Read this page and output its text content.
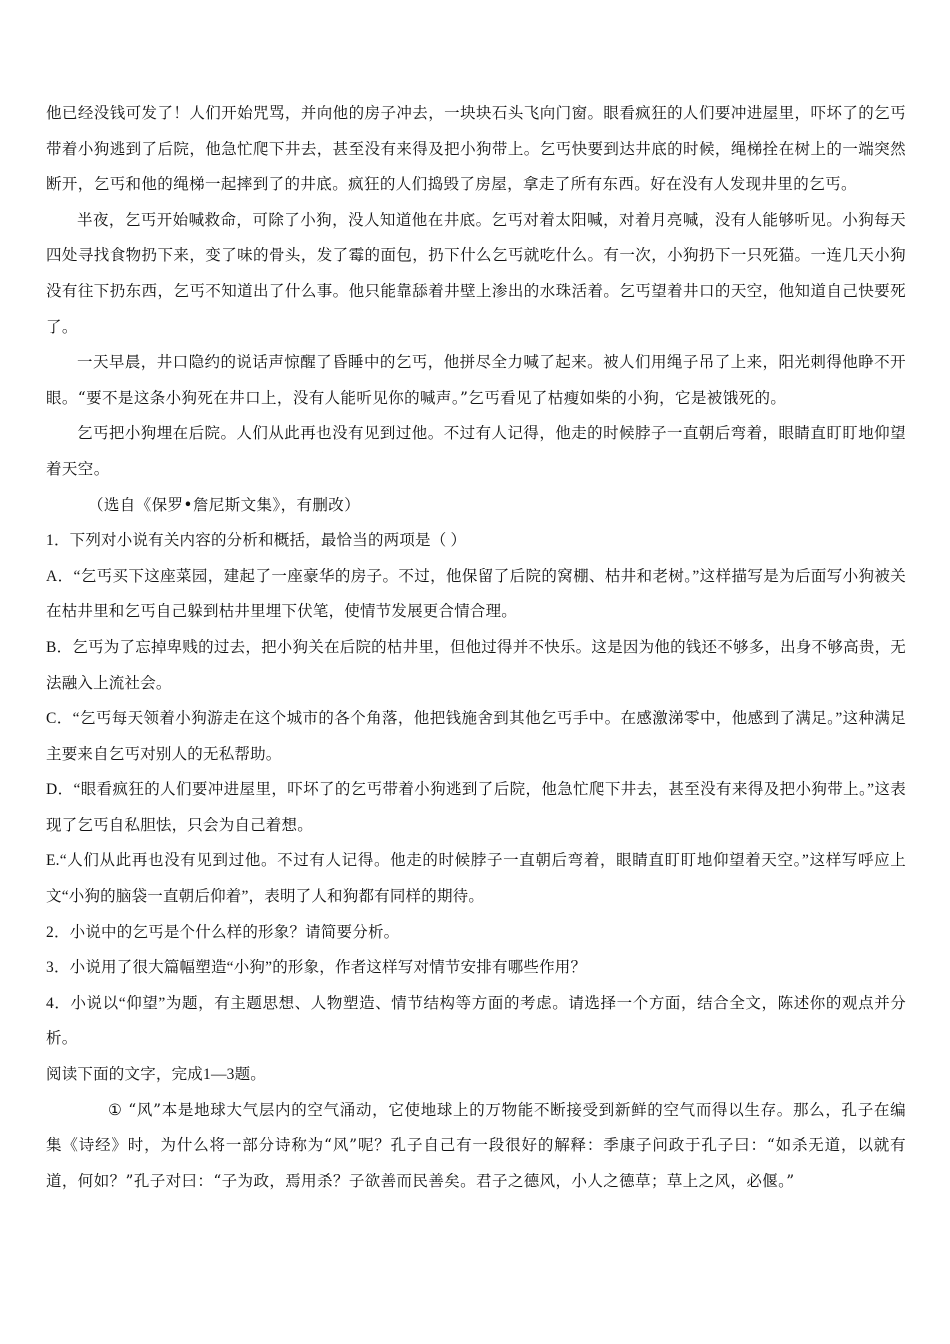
他已经没钱可发了！人们开始咒骂，并向他的房子冲去，一块块石头飞向门窗。眼看疯狂的人们要冲进屋里，吓坏了的乞丐带着小狗逃到了后院，他急忙爬下井去，甚至没有来得及把小狗带上。乞丐快要到达井底的时候，绳梯拴在树上的一端突然断开，乞丐和他的绳梯一起摔到了的井底。疯狂的人们捣毁了房屋，拿走了所有东西。好在没有人发现井里的乞丐。

半夜，乞丐开始喊救命，可除了小狗，没人知道他在井底。乞丐对着太阳喊，对着月亮喊，没有人能够听见。小狗每天四处寻找食物扔下来，变了味的骨头，发了霉的面包，扔下什么乞丐就吃什么。有一次，小狗扔下一只死猫。一连几天小狗没有往下扔东西，乞丐不知道出了什么事。他只能靠舔着井壁上渗出的水珠活着。乞丐望着井口的天空，他知道自己快要死了。

一天早晨，井口隐约的说话声惊醒了昏睡中的乞丐，他拼尽全力喊了起来。被人们用绳子吊了上来，阳光刺得他睁不开眼。“要不是这条小狗死在井口上，没有人能听见你的喊声。”乞丐看见了枯瘦如柴的小狗，它是被饿死的。

乞丐把小狗埋在后院。人们从此再也没有见到过他。不过有人记得，他走的时候脖子一直朝后弯着，眼睛直盯盯地仰望着天空。

（选自《保罗•詹尼斯文集》，有删改）

1．下列对小说有关内容的分析和概括，最恰当的两项是（ ）

A．“乞丐买下这座菜园，建起了一座豪华的房子。不过，他保留了后院的窝棚、枯井和老树。”这样描写是为后面写小狗被关在枯井里和乞丐自己躲到枯井里埋下伏笔，使情节发展更合情合理。

B．乞丐为了忘掉卑贱的过去，把小狗关在后院的枯井里，但他过得并不快乐。这是因为他的钱还不够多，出身不够高贵，无法融入上流社会。

C．“乞丐每天领着小狗游走在这个城市的各个角落，他把钱施舍到其他乞丐手中。在感激涕零中，他感到了满足。”这种满足主要来自乞丐对别人的无私帮助。

D．“眼看疯狂的人们要冲进屋里，吓坏了的乞丐带着小狗逃到了后院，他急忙爬下井去，甚至没有来得及把小狗带上。”这表现了乞丐自私胆怯，只会为自己着想。

E.“人们从此再也没有见到过他。不过有人记得。他走的时候脖子一直朝后弯着，眼睛直盯盯地仰望着天空。”这样写呼应上文“小狗的脑袋一直朝后仰着”，表明了人和狗都有同样的期待。

2．小说中的乞丐是个什么样的形象？请简要分析。

3．小说用了很大篇幅塑造“小狗”的形象，作者这样写对情节安排有哪些作用？

4．小说以“仰望”为题，有主题思想、人物塑造、情节结构等方面的考虑。请选择一个方面，结合全文，陈述你的观点并分析。

阅读下面的文字，完成1—3题。

① “风”本是地球大气层内的空气涌动，它使地球上的万物能不断接受到新鲜的空气而得以生存。那么，孔子在编集《诗经》时，为什么将一部分诗称为“风”呢？孔子自己有一段很好的解释：季康子问政于孔子曰：“如杀无道，以就有道，何如？”孔子对曰：“子为政，焉用杀？子欲善而民善矣。君子之德风，小人之德草；草上之风，必偃。”
